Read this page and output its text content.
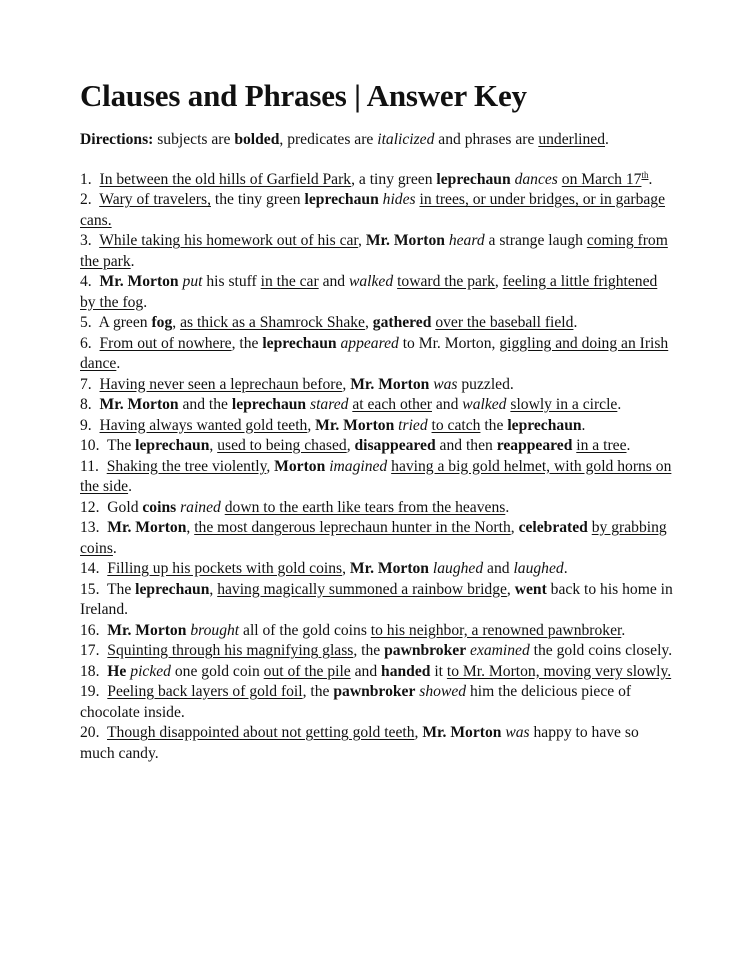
Clauses and Phrases | Answer Key

Directions: subjects are bolded, predicates are italicized and phrases are underlined.

1. In between the old hills of Garfield Park, a tiny green leprechaun dances on March 17th.

2. Wary of travelers, the tiny green leprechaun hides in trees, or under bridges, or in garbage cans.

3. While taking his homework out of his car, Mr. Morton heard a strange laugh coming from the park.

4. Mr. Morton put his stuff in the car and walked toward the park, feeling a little frightened by the fog.

5. A green fog, as thick as a Shamrock Shake, gathered over the baseball field.

6. From out of nowhere, the leprechaun appeared to Mr. Morton, giggling and doing an Irish dance.

7. Having never seen a leprechaun before, Mr. Morton was puzzled.

8. Mr. Morton and the leprechaun stared at each other and walked slowly in a circle.

9. Having always wanted gold teeth, Mr. Morton tried to catch the leprechaun.

10. The leprechaun, used to being chased, disappeared and then reappeared in a tree.

11. Shaking the tree violently, Morton imagined having a big gold helmet, with gold horns on the side.

12. Gold coins rained down to the earth like tears from the heavens.

13. Mr. Morton, the most dangerous leprechaun hunter in the North, celebrated by grabbing coins.

14. Filling up his pockets with gold coins, Mr. Morton laughed and laughed.

15. The leprechaun, having magically summoned a rainbow bridge, went back to his home in Ireland.

16. Mr. Morton brought all of the gold coins to his neighbor, a renowned pawnbroker.

17. Squinting through his magnifying glass, the pawnbroker examined the gold coins closely.

18. He picked one gold coin out of the pile and handed it to Mr. Morton, moving very slowly.

19. Peeling back layers of gold foil, the pawnbroker showed him the delicious piece of chocolate inside.

20. Though disappointed about not getting gold teeth, Mr. Morton was happy to have so much candy.
